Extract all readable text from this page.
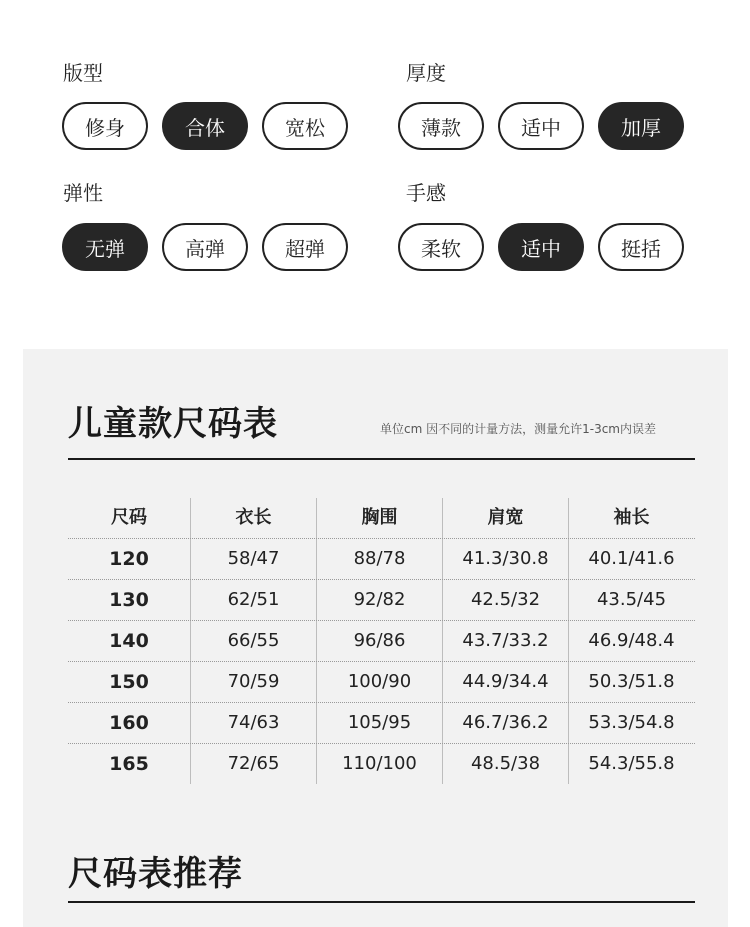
版型
修身	合体	宽松
厚度
薄款	适中	加厚
弹性
无弹	高弹	超弹
手感
柔软	适中	挺括
儿童款尺码表	单位cm 因不同的计量方法，测量允许1-3cm内误差
尺码	衣长	胸围	肩宽	袖长
120	58/47	88/78	41.3/30.8	40.1/41.6
130	62/51	92/82	42.5/32	43.5/45
140	66/55	96/86	43.7/33.2	46.9/48.4
150	70/59	100/90	44.9/34.4	50.3/51.8
160	74/63	105/95	46.7/36.2	53.3/54.8
165	72/65	110/100	48.5/38	54.3/55.8
尺码表推荐
